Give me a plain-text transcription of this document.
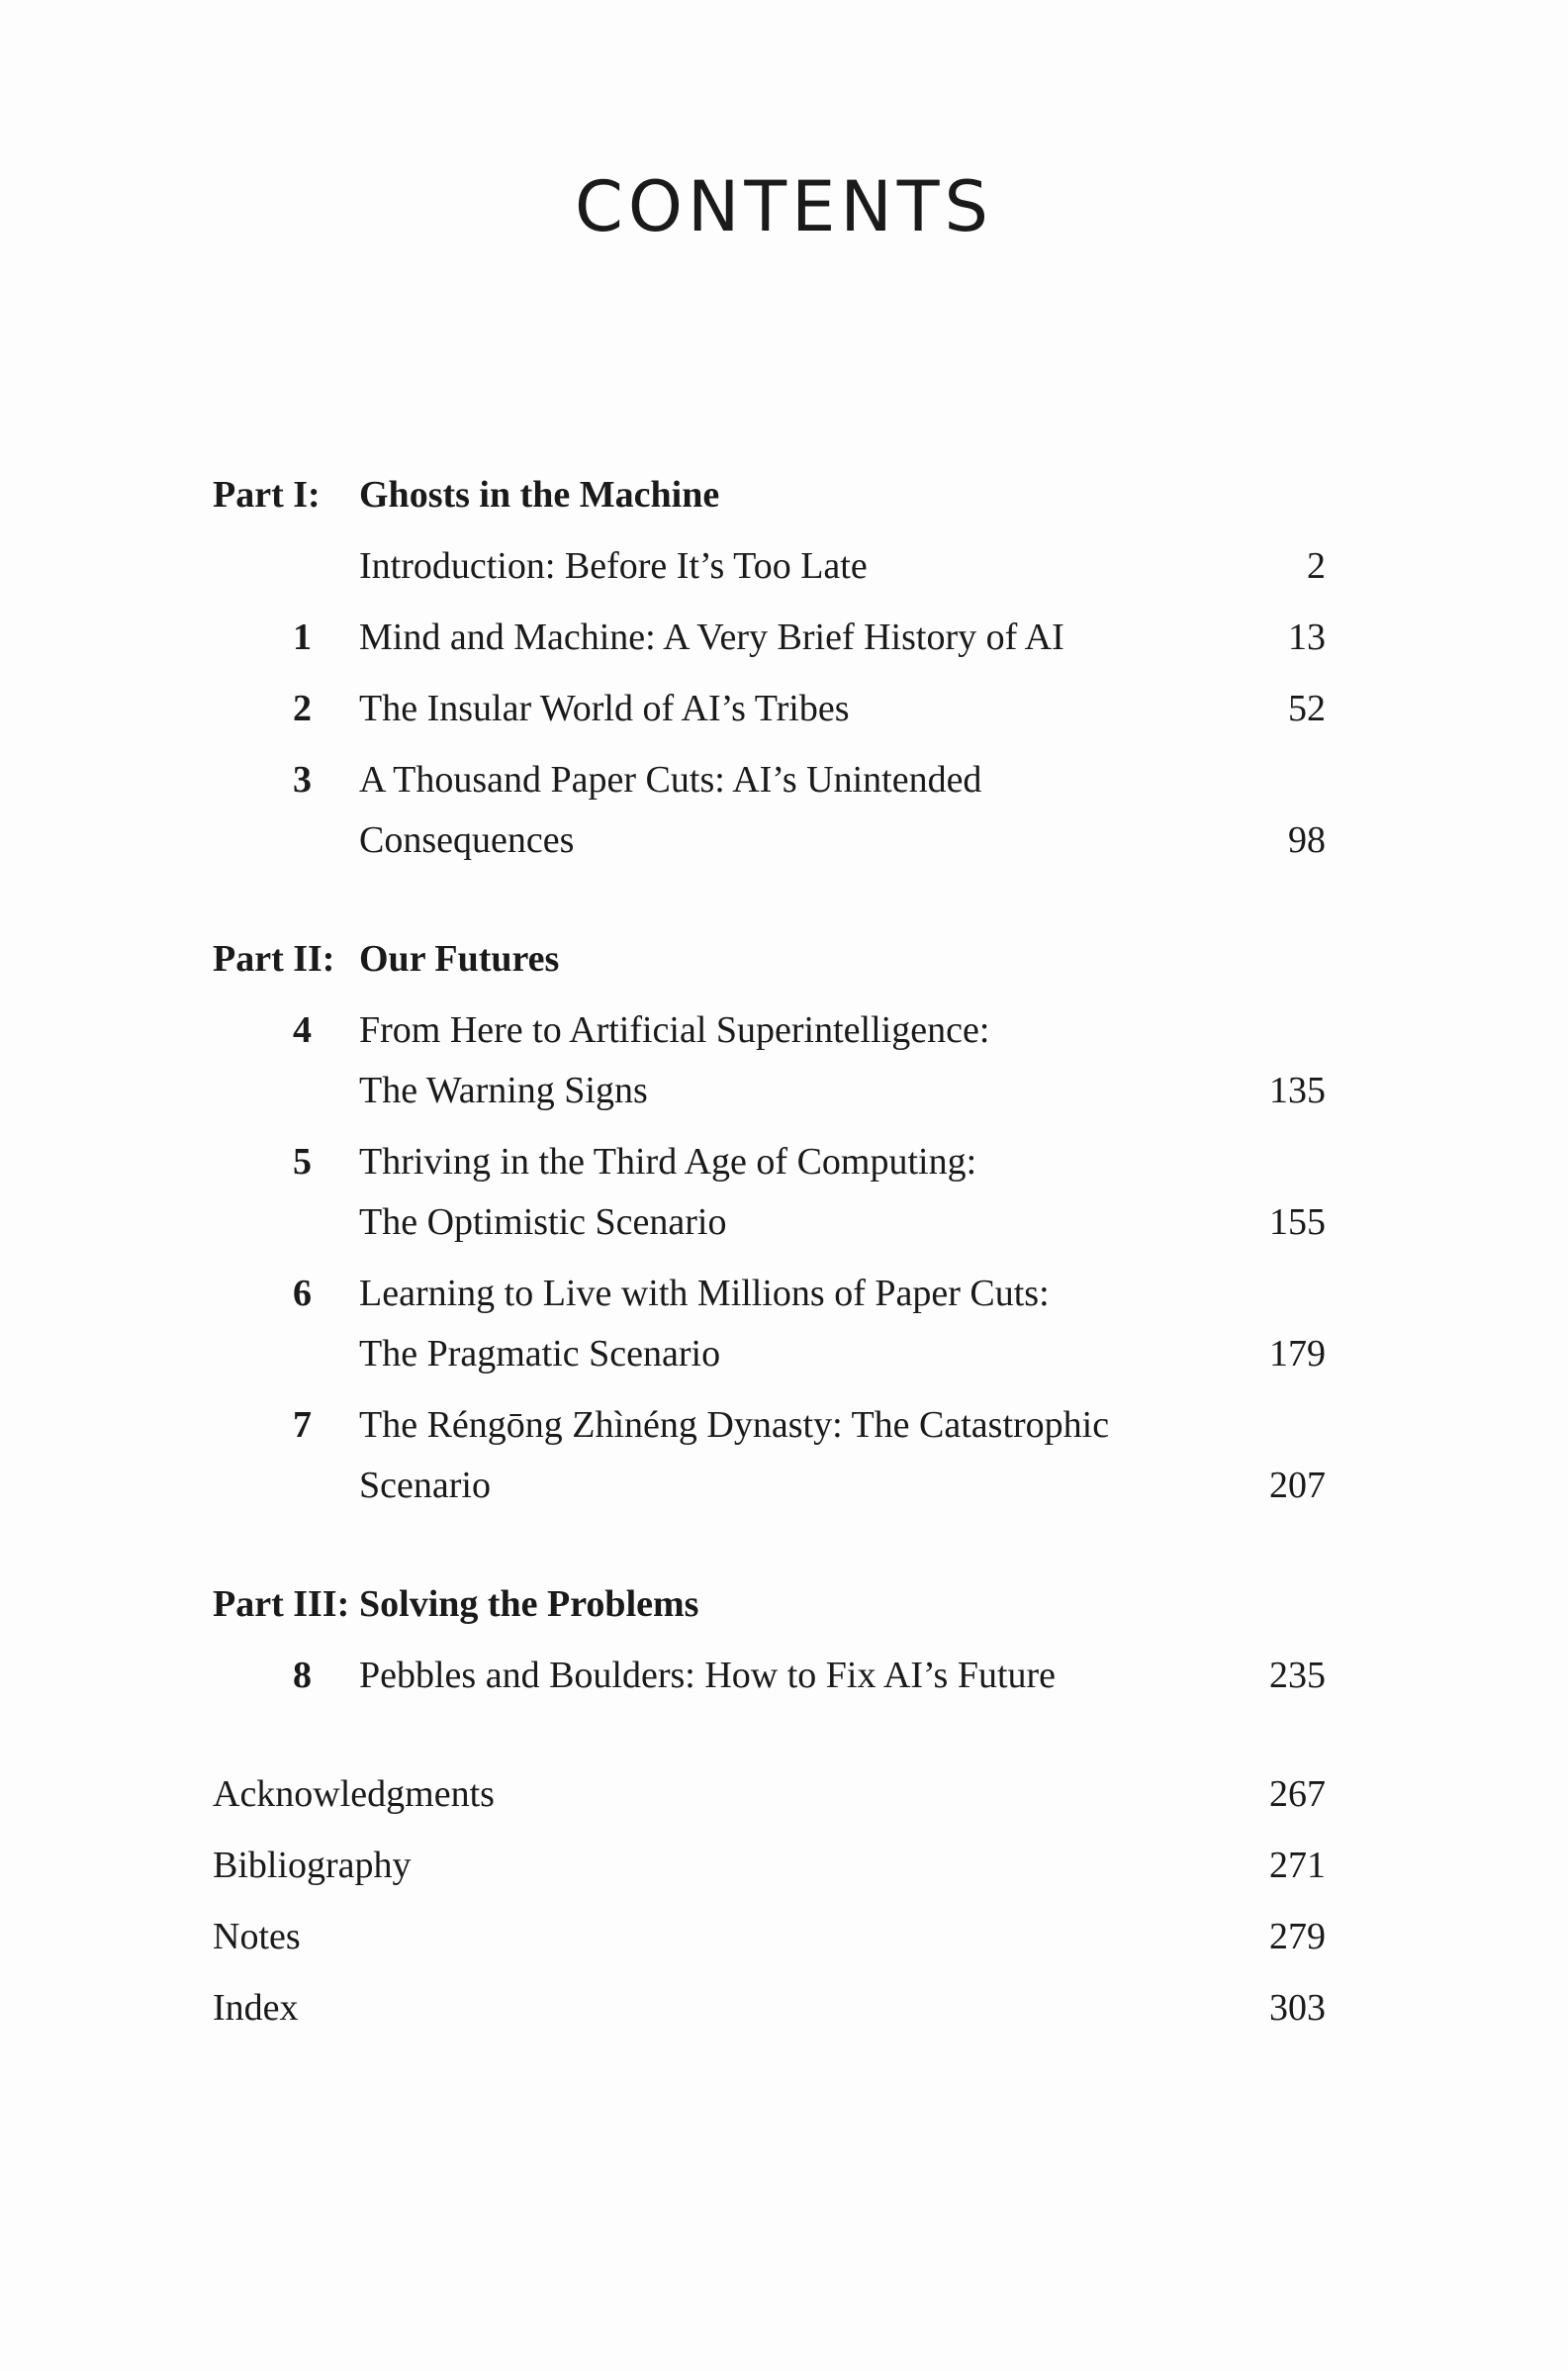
CONTENTS
Part I: Ghosts in the Machine
Introduction: Before It’s Too Late	2
1 Mind and Machine: A Very Brief History of AI	13
2 The Insular World of AI’s Tribes	52
3 A Thousand Paper Cuts: AI’s Unintended
Consequences	98
Part II: Our Futures
4 From Here to Artificial Superintelligence:
The Warning Signs	135
5 Thriving in the Third Age of Computing:
The Optimistic Scenario	155
6 Learning to Live with Millions of Paper Cuts:
The Pragmatic Scenario	179
7 The Réngōng Zhìnéng Dynasty: The Catastrophic
Scenario	207
Part III: Solving the Problems
8 Pebbles and Boulders: How to Fix AI’s Future	235
Acknowledgments	267
Bibliography	271
Notes	279
Index	303
